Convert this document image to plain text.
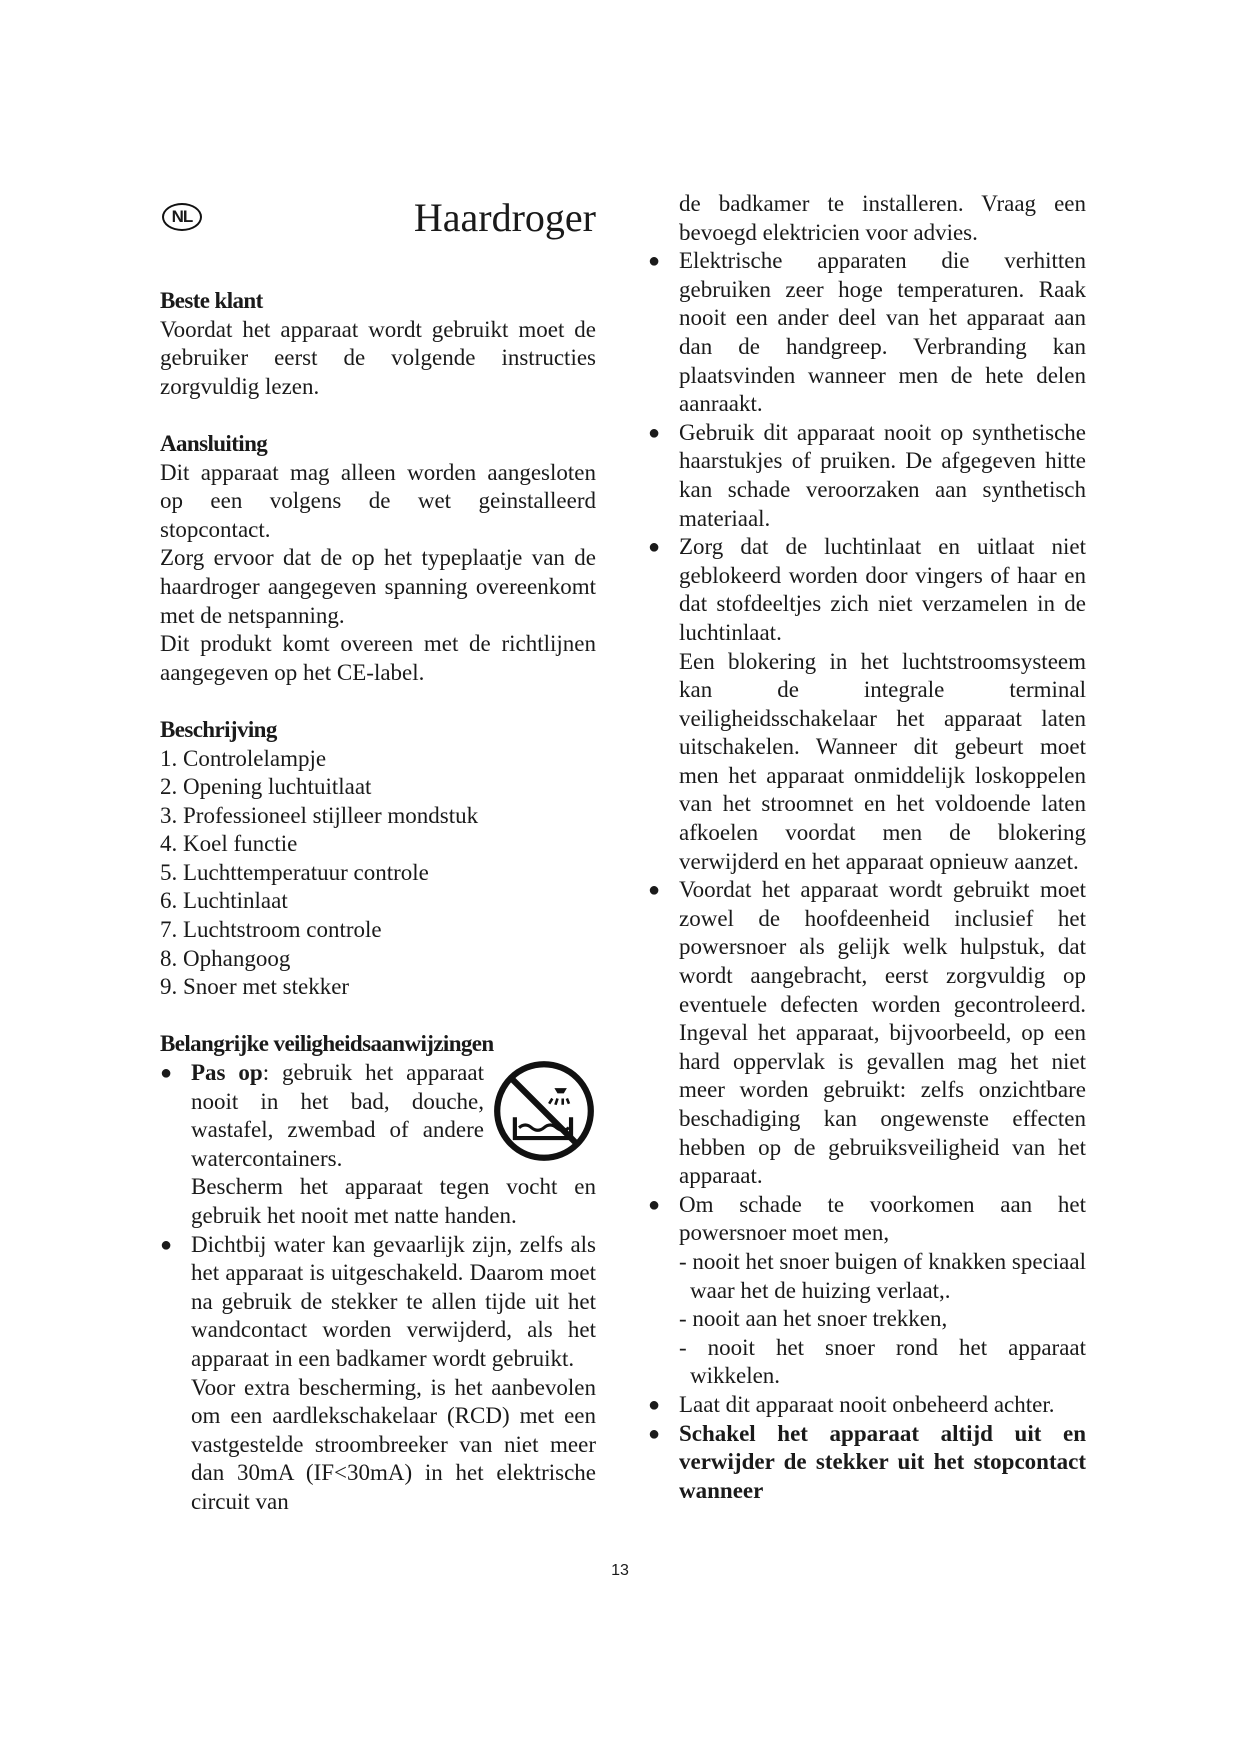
NL	Haardroger
Beste klant
Voordat het apparaat wordt gebruikt moet de gebruiker eerst de volgende instructies zorgvuldig lezen.
Aansluiting
Dit apparaat mag alleen worden aangesloten op een volgens de wet geinstalleerd stopcontact.
Zorg ervoor dat de op het typeplaatje van de haardroger aangegeven spanning overeenkomt met de netspanning.
Dit produkt komt overeen met de richtlijnen aangegeven op het CE-label.
Beschrijving
1. Controlelampje
2. Opening luchtuitlaat
3. Professioneel stijlleer mondstuk
4. Koel functie
5. Luchttemperatuur controle
6. Luchtinlaat
7. Luchtstroom controle
8. Ophangoog
9. Snoer met stekker
Belangrijke veiligheidsaanwijzingen
● Pas op: gebruik het apparaat nooit in het bad, douche, wastafel, zwembad of andere watercontainers.
Bescherm het apparaat tegen vocht en gebruik het nooit met natte handen.
● Dichtbij water kan gevaarlijk zijn, zelfs als het apparaat is uitgeschakeld. Daarom moet na gebruik de stekker te allen tijde uit het wandcontact worden verwijderd, als het apparaat in een badkamer wordt gebruikt.
Voor extra bescherming, is het aanbevolen om een aardlekschakelaar (RCD) met een vastgestelde stroombreeker van niet meer dan 30mA (IF<30mA) in het elektrische circuit van
de badkamer te installeren. Vraag een bevoegd elektricien voor advies.
● Elektrische apparaten die verhitten gebruiken zeer hoge temperaturen. Raak nooit een ander deel van het apparaat aan dan de handgreep. Verbranding kan plaatsvinden wanneer men de hete delen aanraakt.
● Gebruik dit apparaat nooit op synthetische haarstukjes of pruiken. De afgegeven hitte kan schade veroorzaken aan synthetisch materiaal.
● Zorg dat de luchtinlaat en uitlaat niet geblokeerd worden door vingers of haar en dat stofdeeltjes zich niet verzamelen in de luchtinlaat.
Een blokering in het luchtstroomsysteem kan de integrale terminal veiligheidsschakelaar het apparaat laten uitschakelen. Wanneer dit gebeurt moet men het apparaat onmiddelijk loskoppelen van het stroomnet en het voldoende laten afkoelen voordat men de blokering verwijderd en het apparaat opnieuw aanzet.
● Voordat het apparaat wordt gebruikt moet zowel de hoofdeenheid inclusief het powersnoer als gelijk welk hulpstuk, dat wordt aangebracht, eerst zorgvuldig op eventuele defecten worden gecontroleerd. Ingeval het apparaat, bijvoorbeeld, op een hard oppervlak is gevallen mag het niet meer worden gebruikt: zelfs onzichtbare beschadiging kan ongewenste effecten hebben op de gebruiksveiligheid van het apparaat.
● Om schade te voorkomen aan het powersnoer moet men,
- nooit het snoer buigen of knakken speciaal waar het de huizing verlaat,.
- nooit aan het snoer trekken,
- nooit het snoer rond het apparaat wikkelen.
● Laat dit apparaat nooit onbeheerd achter.
● Schakel het apparaat altijd uit en verwijder de stekker uit het stopcontact wanneer
13
